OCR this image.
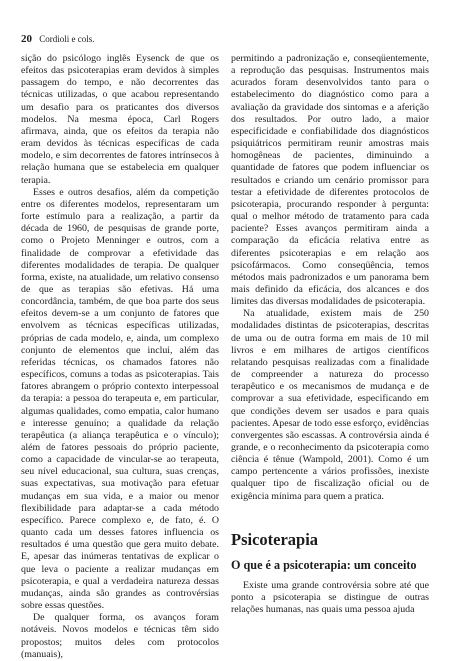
20 Cordioli e cols.

sição do psicólogo inglês Eysenck de que os efeitos das psicoterapias eram devidos à simples passagem do tempo, e não decorrentes das técnicas utilizadas, o que acabou representando um desafio para os praticantes dos diversos modelos. Na mesma época, Carl Rogers afirmava, ainda, que os efeitos da terapia não eram devidos às técnicas específicas de cada modelo, e sim decorrentes de fatores intrínsecos à relação humana que se estabelecia em qualquer terapia.

Esses e outros desafios, além da competição entre os diferentes modelos, representaram um forte estímulo para a realização, a partir da década de 1960, de pesquisas de grande porte, como o Projeto Menninger e outros, com a finalidade de comprovar a efetividade das diferentes modalidades de terapia. De qualquer forma, existe, na atualidade, um relativo consenso de que as terapias são efetivas. Há uma concordância, também, de que boa parte dos seus efeitos devem-se a um conjunto de fatores que envolvem as técnicas específicas utilizadas, próprias de cada modelo, e, ainda, um complexo conjunto de elementos que inclui, além das referidas técnicas, os chamados fatores não específicos, comuns a todas as psicoterapias. Tais fatores abrangem o próprio contexto interpessoal da terapia: a pessoa do terapeuta e, em particular, algumas qualidades, como empatia, calor humano e interesse genuíno; a qualidade da relação terapêutica (a aliança terapêutica e o vínculo); além de fatores pessoais do próprio paciente, como a capacidade de vincular-se ao terapeuta, seu nível educacional, sua cultura, suas crenças, suas expectativas, sua motivação para efetuar mudanças em sua vida, e a maior ou menor flexibilidade para adaptar-se a cada método específico. Parece complexo e, de fato, é. O quanto cada um desses fatores influencia os resultados é uma questão que gera muito debate. E, apesar das inúmeras tentativas de explicar o que leva o paciente a realizar mudanças em psicoterapia, e qual a verdadeira natureza dessas mudanças, ainda são grandes as controvérsias sobre essas questões.

De qualquer forma, os avanços foram notáveis. Novos modelos e técnicas têm sido propostos; muitos deles com protocolos (manuais),

permitindo a padronização e, conseqüentemente, a reprodução das pesquisas. Instrumentos mais acurados foram desenvolvidos tanto para o estabelecimento do diagnóstico como para a avaliação da gravidade dos sintomas e a aferição dos resultados. Por outro lado, a maior especificidade e confiabilidade dos diagnósticos psiquiátricos permitiram reunir amostras mais homogêneas de pacientes, diminuindo a quantidade de fatores que podem influenciar os resultados e criando um cenário promissor para testar a efetividade de diferentes protocolos de psicoterapia, procurando responder à pergunta: qual o melhor método de tratamento para cada paciente? Esses avanços permitiram ainda a comparação da eficácia relativa entre as diferentes psicoterapias e em relação aos psicofármacos. Como conseqüência, temos métodos mais padronizados e um panorama bem mais definido da eficácia, dos alcances e dos limites das diversas modalidades de psicoterapia.

Na atualidade, existem mais de 250 modalidades distintas de psicoterapias, descritas de uma ou de outra forma em mais de 10 mil livros e em milhares de artigos científicos relatando pesquisas realizadas com a finalidade de compreender a natureza do processo terapêutico e os mecanismos de mudança e de comprovar a sua efetividade, especificando em que condições devem ser usados e para quais pacientes. Apesar de todo esse esforço, evidências convergentes são escassas. A controvérsia ainda é grande, e o reconhecimento da psicoterapia como ciência é tênue (Wampold, 2001). Como é um campo pertencente a vários profissões, inexiste qualquer tipo de fiscalização oficial ou de exigência mínima para quem a pratica.

Psicoterapia
O que é a psicoterapia: um conceito

Existe uma grande controvérsia sobre até que ponto a psicoterapia se distingue de outras relações humanas, nas quais uma pessoa ajuda
